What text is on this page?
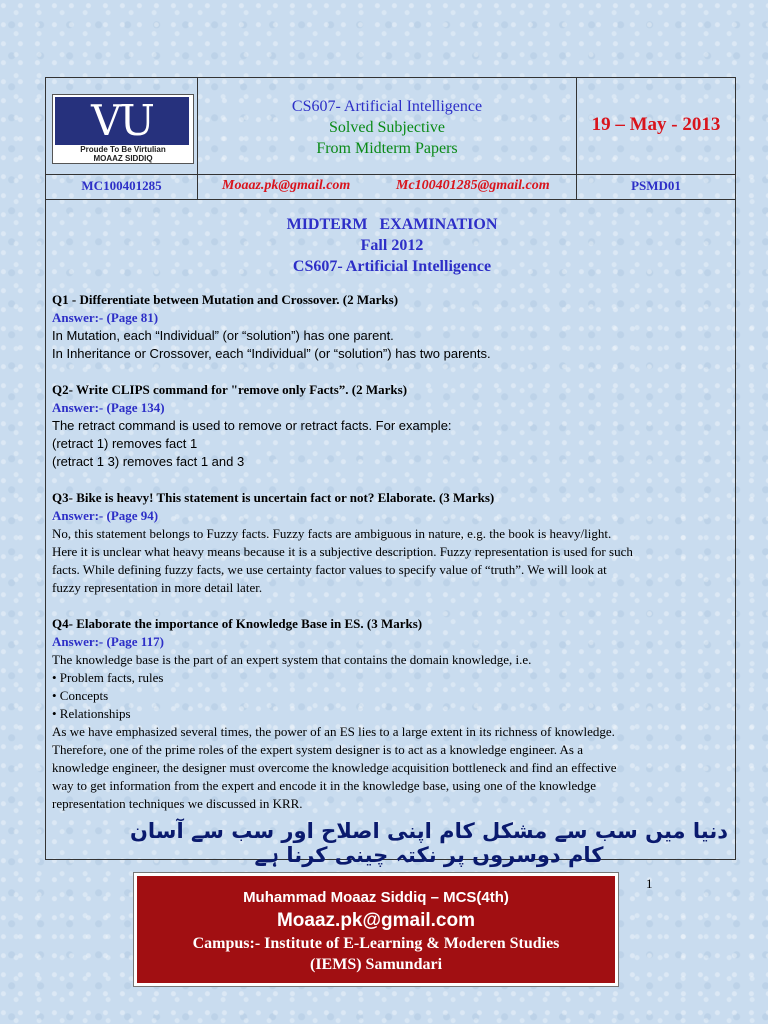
VU
Proude To Be Virtulian
MOAAZ SIDDIQ
CS607- Artificial Intelligence
Solved Subjective
From Midterm Papers
19 – May - 2013
MC100401285	Moaaz.pk@gmail.com	Mc100401285@gmail.com	PSMD01
MIDTERM   EXAMINATION
Fall 2012
CS607- Artificial Intelligence
Q1 - Differentiate between Mutation and Crossover. (2 Marks)
Answer:- (Page 81)
In Mutation, each “Individual” (or “solution”) has one parent.
In Inheritance or Crossover, each “Individual” (or “solution”) has two parents.
Q2- Write CLIPS command for "remove only Facts”. (2 Marks)
Answer:- (Page 134)
The retract command is used to remove or retract facts. For example:
(retract 1) removes fact 1
(retract 1 3) removes fact 1 and 3
Q3- Bike is heavy! This statement is uncertain fact or not? Elaborate. (3 Marks)
Answer:- (Page 94)
No, this statement belongs to Fuzzy facts. Fuzzy facts are ambiguous in nature, e.g. the book is heavy/light.
Here it is unclear what heavy means because it is a subjective description. Fuzzy representation is used for such
facts. While defining fuzzy facts, we use certainty factor values to specify value of “truth”. We will look at
fuzzy representation in more detail later.
Q4- Elaborate the importance of Knowledge Base in ES. (3 Marks)
Answer:- (Page 117)
The knowledge base is the part of an expert system that contains the domain knowledge, i.e.
• Problem facts, rules
• Concepts
• Relationships
As we have emphasized several times, the power of an ES lies to a large extent in its richness of knowledge.
Therefore, one of the prime roles of the expert system designer is to act as a knowledge engineer. As a
knowledge engineer, the designer must overcome the knowledge acquisition bottleneck and find an effective
way to get information from the expert and encode it in the knowledge base, using one of the knowledge
representation techniques we discussed in KRR.
دنیا میں سب سے مشکل کام اپنی اصلاح اور سب سے آسان کام دوسروں پر نکتہ چینی کرنا ہے
1
Muhammad Moaaz Siddiq – MCS(4th)
Moaaz.pk@gmail.com
Campus:- Institute of E-Learning & Moderen Studies
(IEMS) Samundari
